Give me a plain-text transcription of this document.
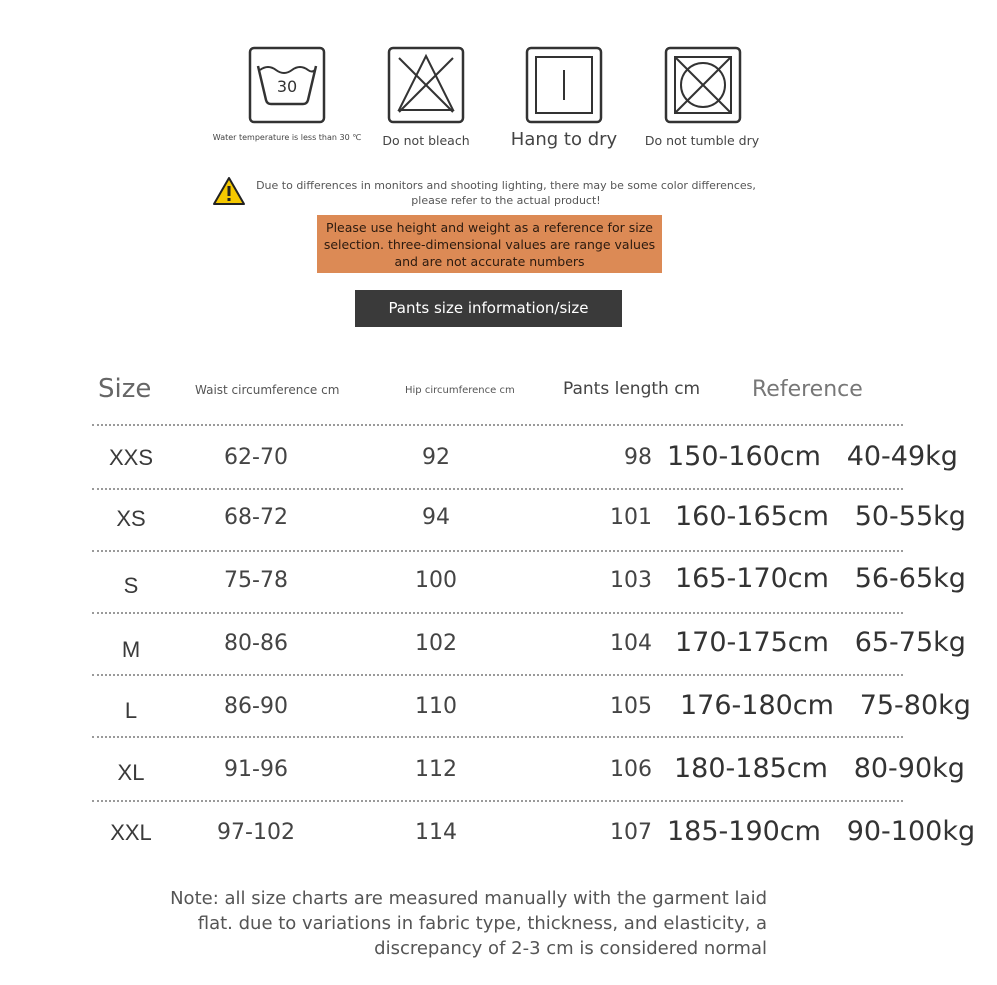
30
Water temperature is less than 30 ℃	Do not bleach	Hang to dry	Do not tumble dry
Due to differences in monitors and shooting lighting, there may be some color differences, please refer to the actual product!
Please use height and weight as a reference for size selection. three-dimensional values are range values and are not accurate numbers
Pants size information/size
Size	Waist circumference cm	Hip circumference cm	Pants length cm Reference
XXS	62-70	92	98 150-160cm   40-49kg
XS	68-72	94	101 160-165cm   50-55kg
S	75-78	100	103 165-170cm   56-65kg
M	80-86	102	104 170-175cm   65-75kg
L	86-90	110	105 176-180cm   75-80kg
XL	91-96	112	106 180-185cm   80-90kg
XXL	97-102	114	107 185-190cm   90-100kg
Note: all size charts are measured manually with the garment laid flat. due to variations in fabric type, thickness, and elasticity, a discrepancy of 2-3 cm is considered normal
